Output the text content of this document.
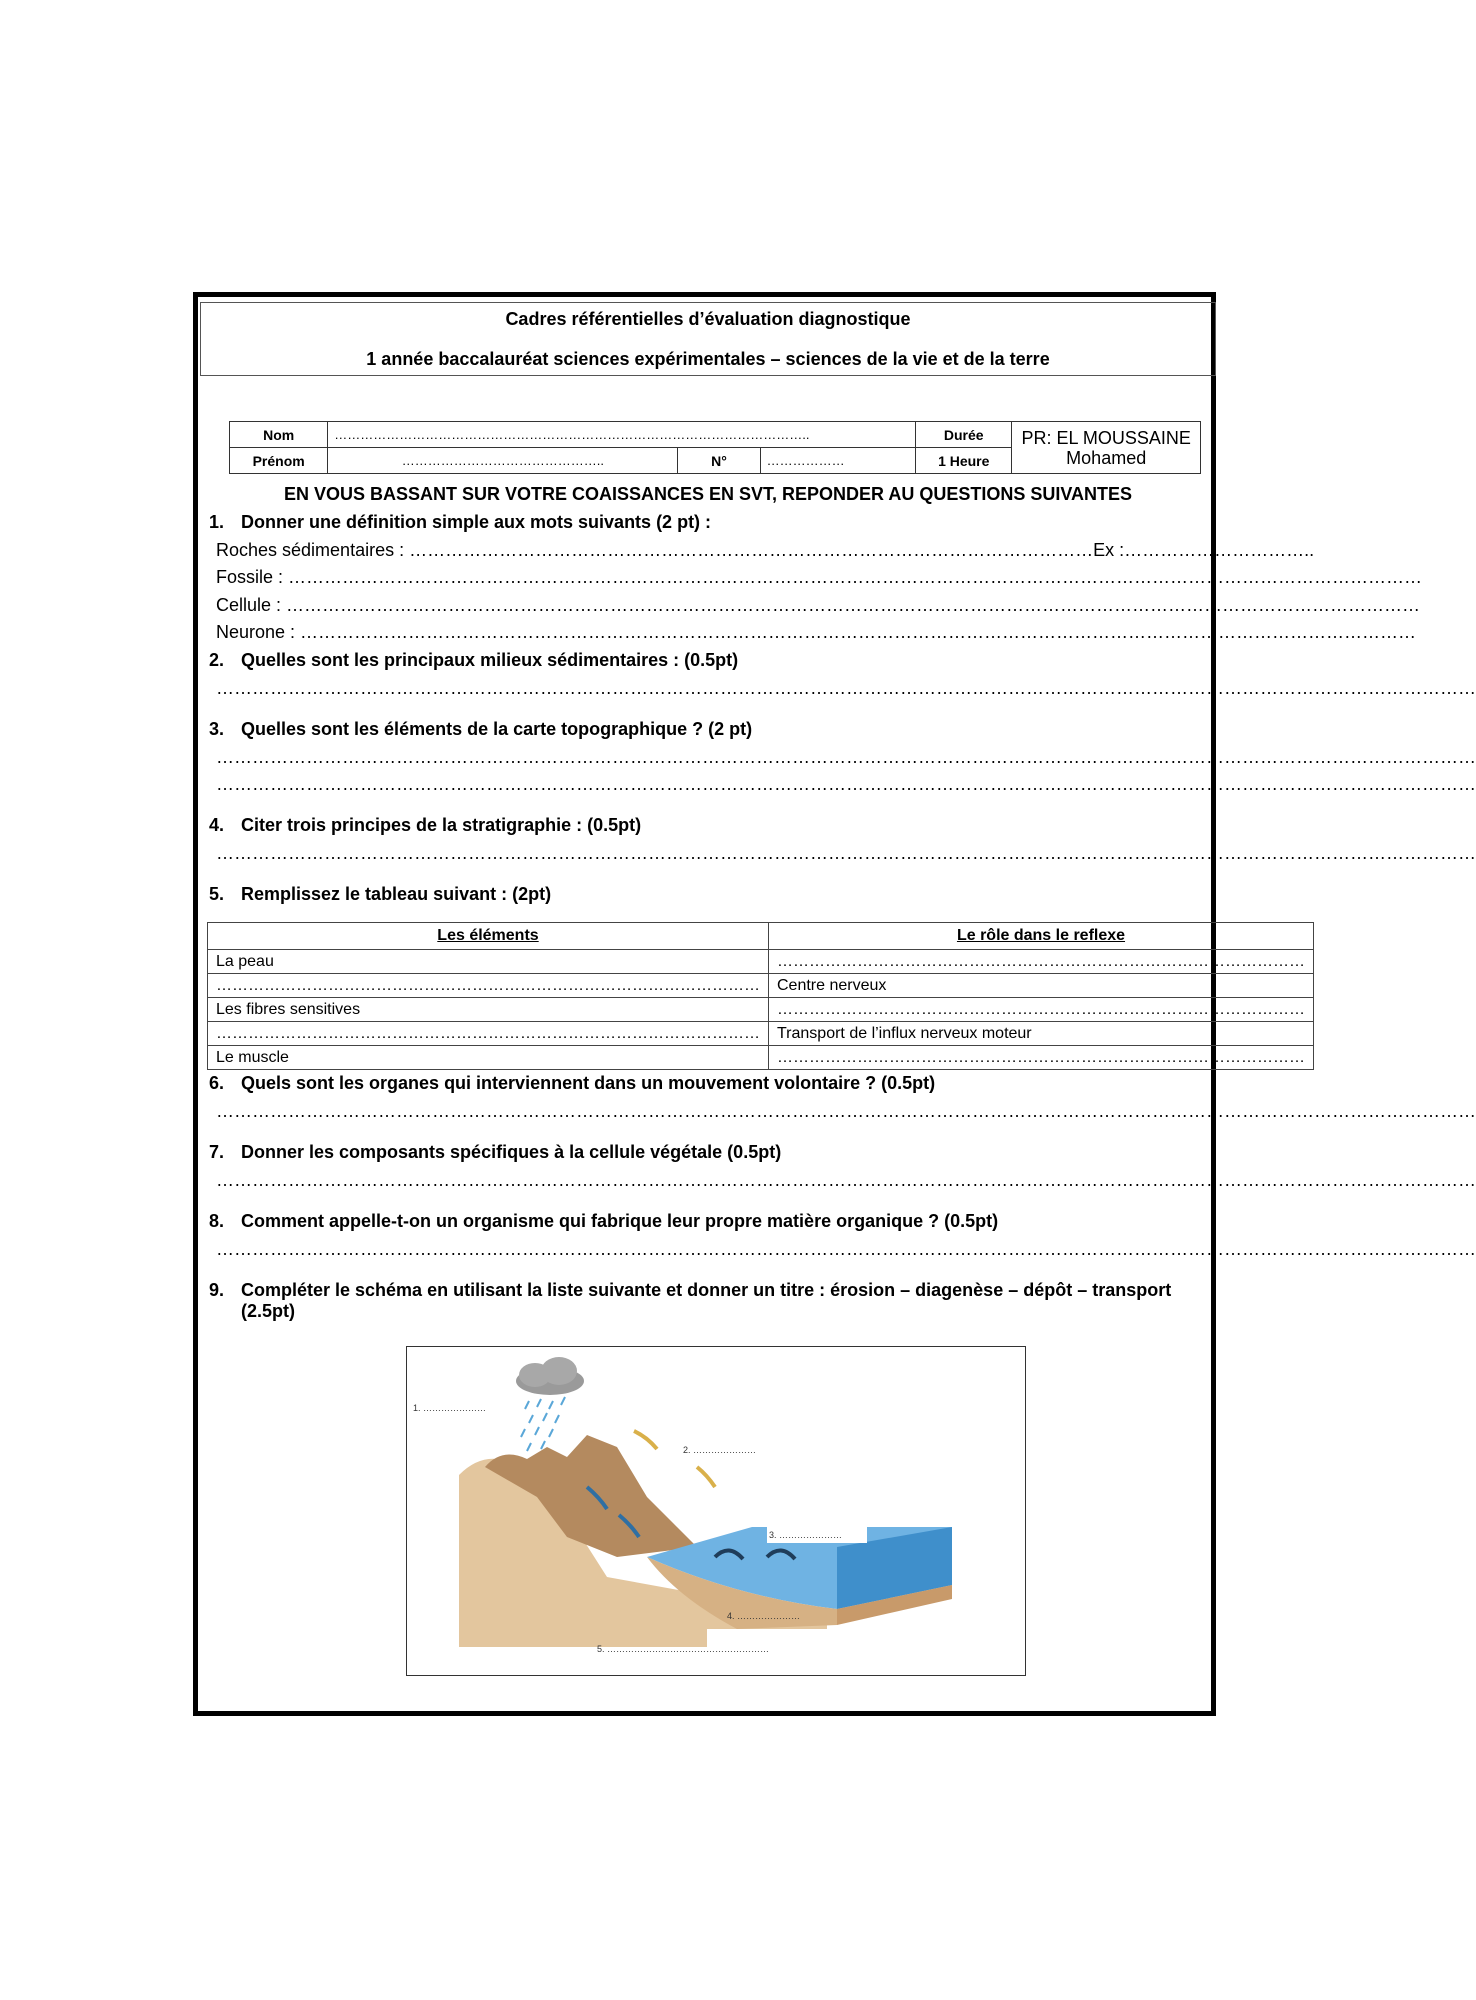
Cadres référentielles d’évaluation diagnostique
1 année baccalauréat sciences expérimentales – sciences de la vie et de la terre
Nom	………………………………………………………………………………………………..			Durée	PR: EL MOUSSAINE Mohamed
Prénom	………………………………………..	N°	………………	1 Heure	
EN VOUS BASSANT SUR VOTRE COAISSANCES EN SVT, REPONDER AU QUESTIONS SUIVANTES
1. Donner une définition simple aux mots suivants (2 pt) :
Roches sédimentaires : ……………………………………………………………………………………………………Ex :…………………………..
Fossile : ………………………………………………………………………………………………………………………………………………………………………
Cellule : ………………………………………………………………………………………………………………………………………………………………………
Neurone : ……………………………………………………………………………………………………………………………………………………………………
2. Quelles sont les principaux milieux sédimentaires : (0.5pt)
…………………………………………………………………………………………………………………………………………………………………………………………
3. Quelles sont les éléments de la carte topographique ? (2 pt)
…………………………………………………………………………………………………………………………………………………………………………………………
…………………………………………………………………………………………………………………………………………………………………………………………
4. Citer trois principes de la stratigraphie : (0.5pt)
…………………………………………………………………………………………………………………………………………………………………………………………
5. Remplissez le tableau suivant : (2pt)
Les éléments	Le rôle dans le reflexe
La peau	………………………………………………………………………………………
…………………………………………………………………………………………	Centre nerveux
Les fibres sensitives	………………………………………………………………………………………
…………………………………………………………………………………………	Transport de l’influx nerveux moteur
Le muscle	………………………………………………………………………………………
6. Quels sont les organes qui interviennent dans un mouvement volontaire ? (0.5pt)
…………………………………………………………………………………………………………………………………………………………………………………………
7. Donner les composants spécifiques à la cellule végétale (0.5pt)
…………………………………………………………………………………………………………………………………………………………………………………………
8. Comment appelle-t-on un organisme qui fabrique leur propre matière organique ? (0.5pt)
…………………………………………………………………………………………………………………………………………………………………………………………
9. Compléter le schéma en utilisant la liste suivante et donner un titre : érosion – diagenèse – dépôt – transport
(2.5pt)
1. …………………
2. …………………
3. …………………
4. …………………
5. ………………………………………………
